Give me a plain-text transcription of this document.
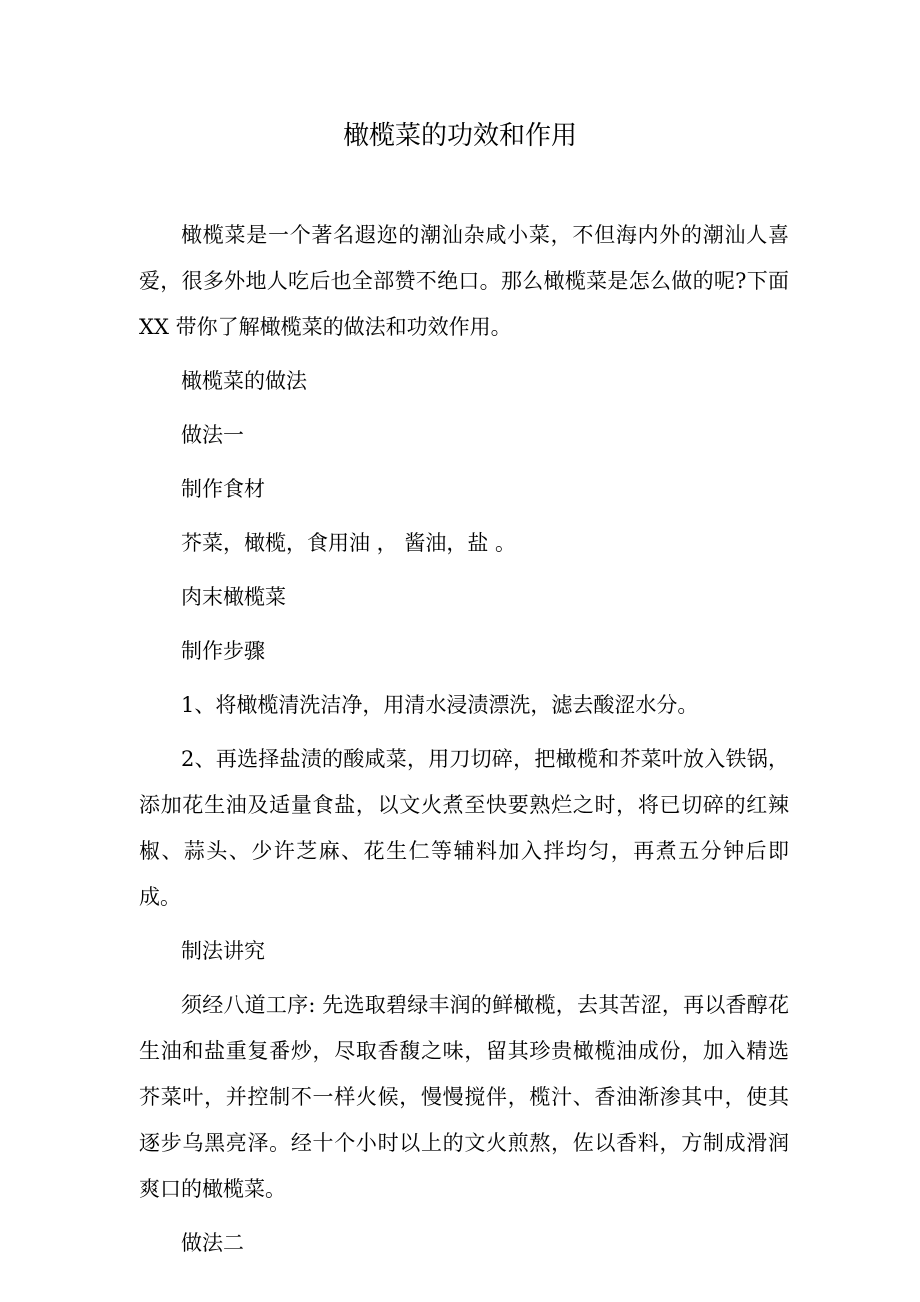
橄榄菜的功效和作用

橄榄菜是一个著名遐迩的潮汕杂咸小菜，不但海内外的潮汕人喜爱，很多外地人吃后也全部赞不绝口。那么橄榄菜是怎么做的呢?下面 XX 带你了解橄榄菜的做法和功效作用。

橄榄菜的做法

做法一

制作食材

芥菜，橄榄，食用油 ， 酱油，盐 。

肉末橄榄菜

制作步骤

1、将橄榄清洗洁净，用清水浸渍漂洗，滤去酸涩水分。

2、再选择盐渍的酸咸菜，用刀切碎，把橄榄和芥菜叶放入铁锅，添加花生油及适量食盐，以文火煮至快要熟烂之时，将已切碎的红辣椒、蒜头、少许芝麻、花生仁等辅料加入拌均匀，再煮五分钟后即成。

制法讲究

须经八道工序: 先选取碧绿丰润的鲜橄榄，去其苦涩，再以香醇花生油和盐重复番炒，尽取香馥之味，留其珍贵橄榄油成份，加入精选芥菜叶，并控制不一样火候，慢慢搅伴，榄汁、香油渐渗其中，使其逐步乌黑亮泽。经十个小时以上的文火煎熬，佐以香料，方制成滑润爽口的橄榄菜。

做法二
